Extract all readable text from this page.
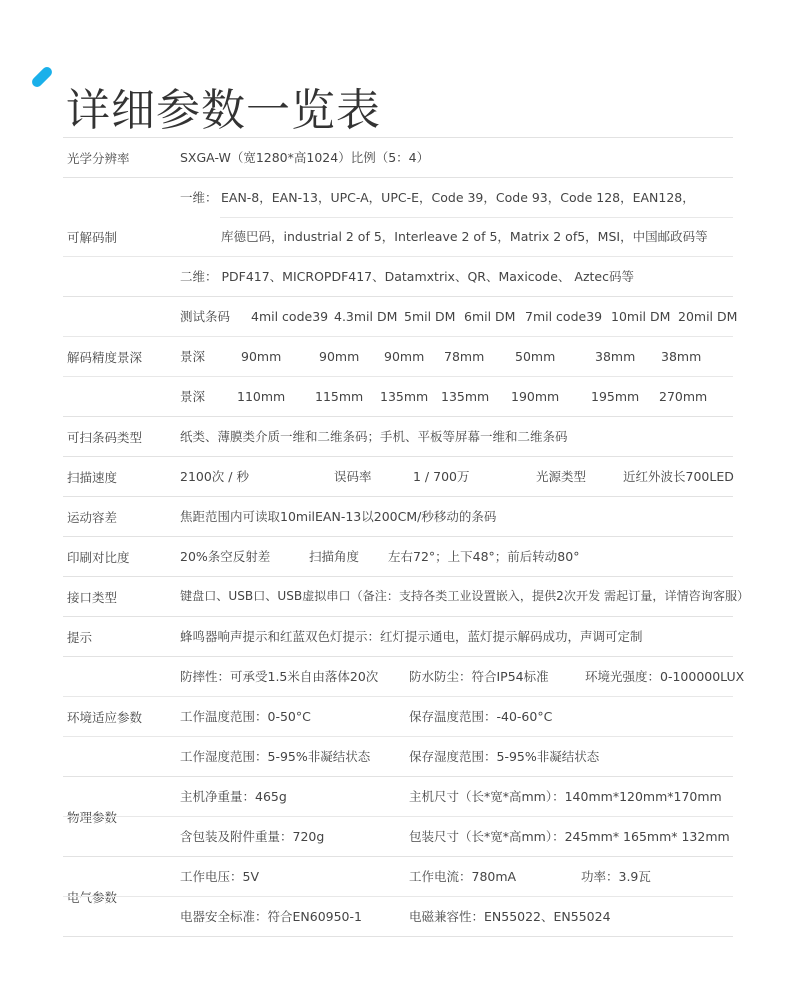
详细参数一览表
光学分辨率	SXGA-W（宽1280*高1024）比例（5：4）
可解码制
一维： EAN-8，EAN-13，UPC-A，UPC-E，Code 39，Code 93，Code 128，EAN128，
库德巴码，industrial 2 of 5，Interleave 2 of 5，Matrix 2 of5，MSI，中国邮政码等
二维： PDF417、MICROPDF417、Datamxtrix、QR、Maxicode、 Aztec码等
解码精度景深
测试条码 4mil code39 4.3mil DM 5mil DM 6mil DM 7mil code39 10mil DM 20mil DM
景深	90mm	90mm 90mm 78mm 50mm	38mm 38mm
景深	110mm 115mm 135mm 135mm 190mm	195mm 270mm
可扫条码类型	纸类、薄膜类介质一维和二维条码；手机、平板等屏幕一维和二维条码
扫描速度	2100次 / 秒	误码率	1 / 700万	光源类型	近红外波长700LED
运动容差	焦距范围内可读取10milEAN-13以200CM/秒移动的条码
印刷对比度	20%条空反射差	扫描角度 左右72°；上下48°；前后转动80°
接口类型	键盘口、USB口、USB虚拟串口（备注：支持各类工业设置嵌入，提供2次开发 需起订量，详情咨询客服）
提示	蜂鸣器响声提示和红蓝双色灯提示：红灯提示通电，蓝灯提示解码成功，声调可定制
环境适应参数
防摔性：可承受1.5米自由落体20次 防水防尘：符合IP54标准	环境光强度：0-100000LUX
工作温度范围：0-50°C	保存温度范围：-40-60°C
工作湿度范围：5-95%非凝结状态	保存湿度范围：5-95%非凝结状态
物理参数
主机净重量：465g	主机尺寸（长*宽*高mm）：140mm*120mm*170mm
含包装及附件重量：720g	包装尺寸（长*宽*高mm）：245mm* 165mm* 132mm
电气参数
工作电压：5V	工作电流：780mA	功率：3.9瓦
电器安全标准：符合EN60950-1	电磁兼容性：EN55022、EN55024
